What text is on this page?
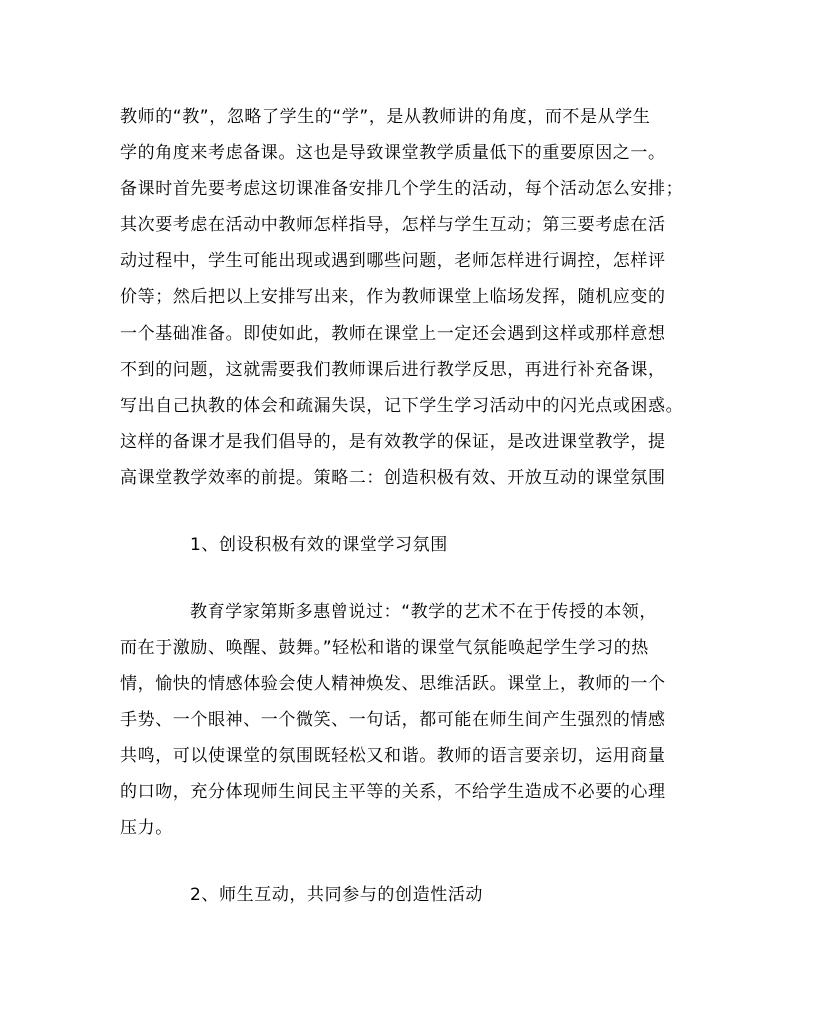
教师的“教”，忽略了学生的“学”，是从教师讲的角度，而不是从学生
学的角度来考虑备课。这也是导致课堂教学质量低下的重要原因之一。
备课时首先要考虑这切课准备安排几个学生的活动，每个活动怎么安排；
其次要考虑在活动中教师怎样指导，怎样与学生互动；第三要考虑在活
动过程中，学生可能出现或遇到哪些问题，老师怎样进行调控，怎样评
价等；然后把以上安排写出来，作为教师课堂上临场发挥，随机应变的
一个基础准备。即使如此，教师在课堂上一定还会遇到这样或那样意想
不到的问题，这就需要我们教师课后进行教学反思，再进行补充备课，
写出自己执教的体会和疏漏失误，记下学生学习活动中的闪光点或困惑。
这样的备课才是我们倡导的，是有效教学的保证，是改进课堂教学，提
高课堂教学效率的前提。策略二：创造积极有效、开放互动的课堂氛围
1、创设积极有效的课堂学习氛围
教育学家第斯多惠曾说过：“教学的艺术不在于传授的本领，
而在于激励、唤醒、鼓舞。”轻松和谐的课堂气氛能唤起学生学习的热
情，愉快的情感体验会使人精神焕发、思维活跃。课堂上，教师的一个
手势、一个眼神、一个微笑、一句话，都可能在师生间产生强烈的情感
共鸣，可以使课堂的氛围既轻松又和谐。教师的语言要亲切，运用商量
的口吻，充分体现师生间民主平等的关系，不给学生造成不必要的心理
压力。
2、师生互动，共同参与的创造性活动
